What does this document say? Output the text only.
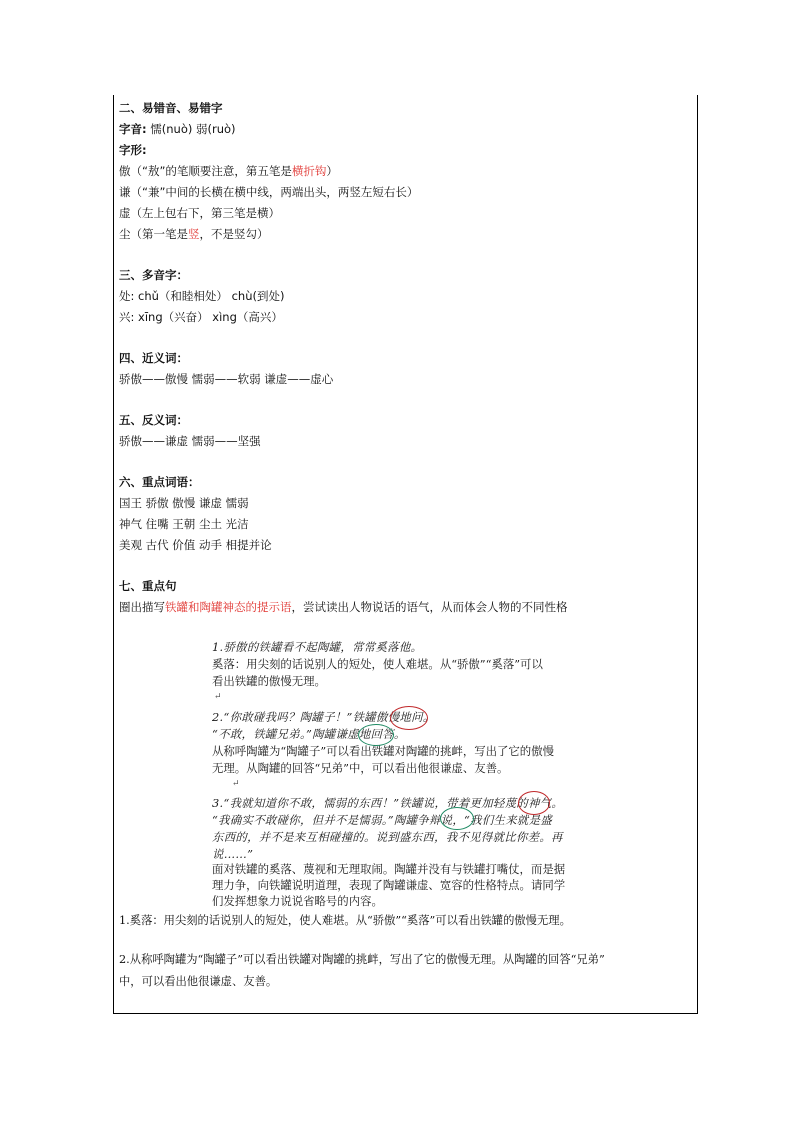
二、易错音、易错字
字音: 懦(nuò) 弱(ruò)
字形:
傲（“敖”的笔顺要注意，第五笔是横折钩）
谦（“兼”中间的长横在横中线，两端出头，两竖左短右长）
虚（左上包右下，第三笔是横）
尘（第一笔是竖，不是竖勾）
三、多音字：
处: chǔ（和睦相处） chù(到处)
兴: xīng（兴奋） xìng（高兴）
四、近义词：
骄傲——傲慢 懦弱——软弱 谦虚——虚心
五、反义词：
骄傲——谦虚 懦弱——坚强
六、重点词语：
国王 骄傲 傲慢 谦虚 懦弱
神气 住嘴 王朝 尘土 光洁
美观 古代 价值 动手 相提并论
七、重点句
圈出描写铁罐和陶罐神态的提示语，尝试读出人物说话的语气，从而体会人物的不同性格
1.骄傲的铁罐看不起陶罐，常常奚落他。
奚落：用尖刻的话说别人的短处，使人难堪。从“骄傲”“奚落”可以
看出铁罐的傲慢无理。
↵
2.“你敢碰我吗？陶罐子！”铁罐傲慢地问。
“不敢，铁罐兄弟。”陶罐谦虚地回答。
从称呼陶罐为“陶罐子”可以看出铁罐对陶罐的挑衅，写出了它的傲慢
无理。从陶罐的回答“兄弟”中，可以看出他很谦虚、友善。
↵
3.“我就知道你不敢，懦弱的东西！”铁罐说，带着更加轻蔑的神气。
“我确实不敢碰你，但并不是懦弱。”陶罐争辩说，“我们生来就是盛
东西的，并不是来互相碰撞的。说到盛东西，我不见得就比你差。再
说……”
面对铁罐的奚落、蔑视和无理取闹。陶罐并没有与铁罐打嘴仗，而是据
理力争，向铁罐说明道理，表现了陶罐谦虚、宽容的性格特点。请同学
们发挥想象力说说省略号的内容。
1.奚落：用尖刻的话说别人的短处，使人难堪。从“骄傲”“奚落”可以看出铁罐的傲慢无理。
2.从称呼陶罐为“陶罐子”可以看出铁罐对陶罐的挑衅，写出了它的傲慢无理。从陶罐的回答“兄弟”
中，可以看出他很谦虚、友善。
